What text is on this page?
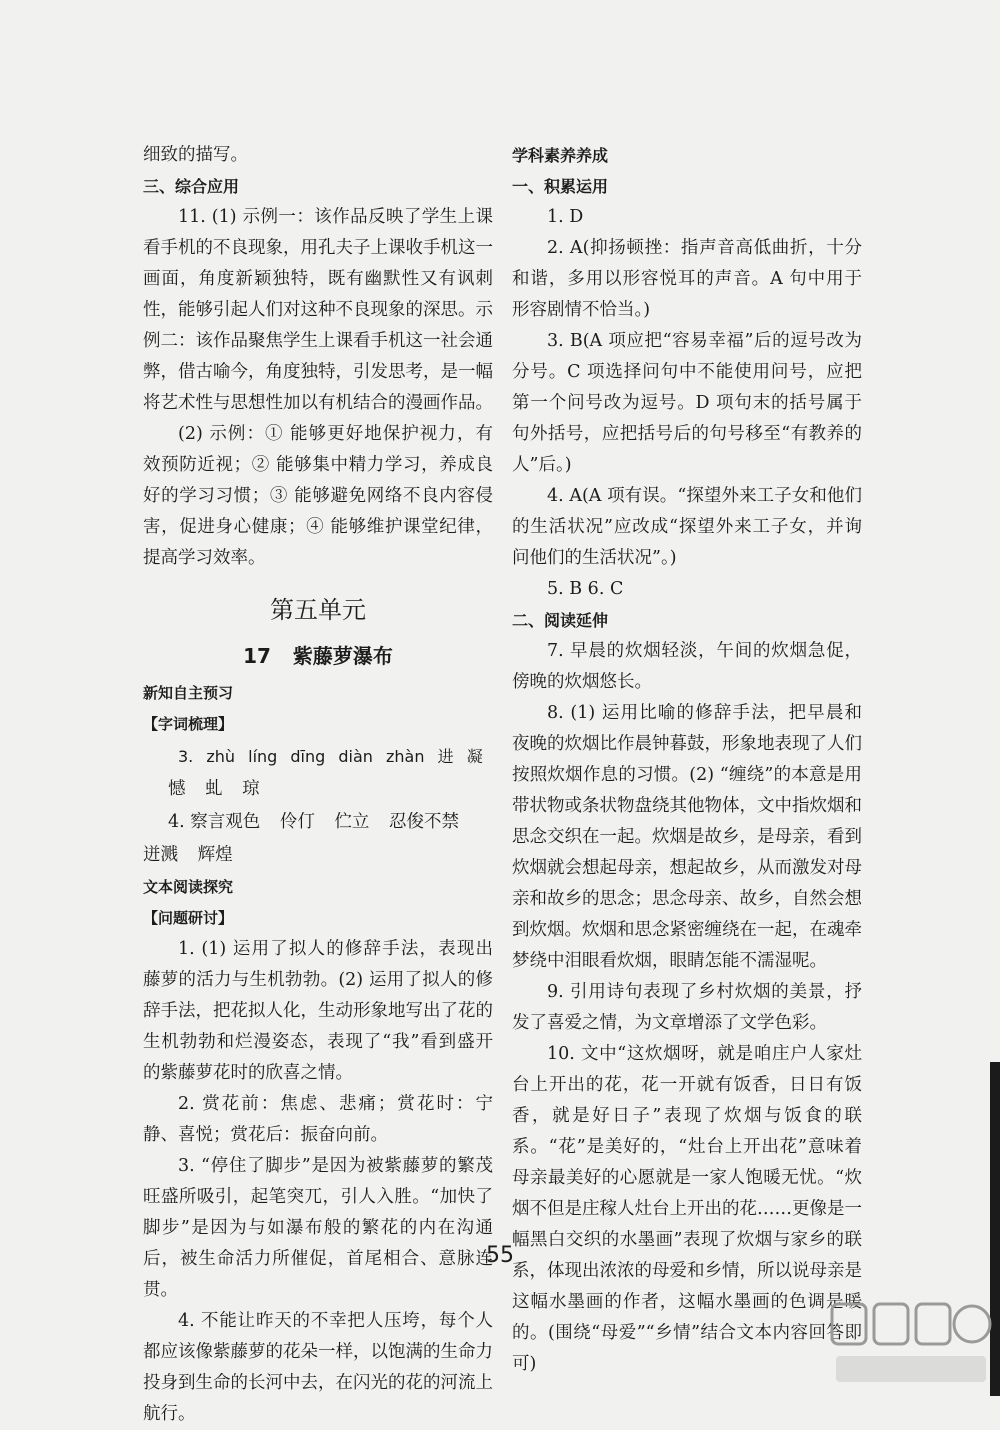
细致的描写。

三、综合应用

11. (1) 示例一：该作品反映了学生上课看手机的不良现象，用孔夫子上课收手机这一画面，角度新颖独特，既有幽默性又有讽刺性，能够引起人们对这种不良现象的深思。示例二：该作品聚焦学生上课看手机这一社会通弊，借古喻今，角度独特，引发思考，是一幅将艺术性与思想性加以有机结合的漫画作品。

(2) 示例：① 能够更好地保护视力，有效预防近视；② 能够集中精力学习，养成良好的学习习惯；③ 能够避免网络不良内容侵害，促进身心健康；④ 能够维护课堂纪律，提高学习效率。

第五单元
17 紫藤萝瀑布

新知自主预习

【字词梳理】

3. zhù líng dīng diàn zhàn 进 凝

憾 虬 琼

4. 察言观色 伶仃 伫立 忍俊不禁

迸溅 辉煌

文本阅读探究

【问题研讨】

1. (1) 运用了拟人的修辞手法，表现出藤萝的活力与生机勃勃。(2) 运用了拟人的修辞手法，把花拟人化，生动形象地写出了花的生机勃勃和烂漫姿态，表现了“我”看到盛开的紫藤萝花时的欣喜之情。

2. 赏花前：焦虑、悲痛；赏花时：宁静、喜悦；赏花后：振奋向前。

3. “停住了脚步”是因为被紫藤萝的繁茂旺盛所吸引，起笔突兀，引人入胜。“加快了脚步”是因为与如瀑布般的繁花的内在沟通后，被生命活力所催促，首尾相合、意脉连贯。

4. 不能让昨天的不幸把人压垮，每个人都应该像紫藤萝的花朵一样，以饱满的生命力投身到生命的长河中去，在闪光的花的河流上航行。

学科素养养成

一、积累运用

1. D

2. A(抑扬顿挫：指声音高低曲折，十分和谐，多用以形容悦耳的声音。A 句中用于形容剧情不恰当。)

3. B(A 项应把“容易幸福”后的逗号改为分号。C 项选择问句中不能使用问号，应把第一个问号改为逗号。D 项句末的括号属于句外括号，应把括号后的句号移至“有教养的人”后。)

4. A(A 项有误。“探望外来工子女和他们的生活状况”应改成“探望外来工子女，并询问他们的生活状况”。)

5. B 6. C

二、阅读延伸

7. 早晨的炊烟轻淡，午间的炊烟急促，傍晚的炊烟悠长。

8. (1) 运用比喻的修辞手法，把早晨和夜晚的炊烟比作晨钟暮鼓，形象地表现了人们按照炊烟作息的习惯。(2) “缠绕”的本意是用带状物或条状物盘绕其他物体，文中指炊烟和思念交织在一起。炊烟是故乡，是母亲，看到炊烟就会想起母亲，想起故乡，从而激发对母亲和故乡的思念；思念母亲、故乡，自然会想到炊烟。炊烟和思念紧密缠绕在一起，在魂牵梦绕中泪眼看炊烟，眼睛怎能不濡湿呢。

9. 引用诗句表现了乡村炊烟的美景，抒发了喜爱之情，为文章增添了文学色彩。

10. 文中“这炊烟呀，就是咱庄户人家灶台上开出的花，花一开就有饭香，日日有饭香，就是好日子”表现了炊烟与饭食的联系。“花”是美好的，“灶台上开出花”意味着母亲最美好的心愿就是一家人饱暖无忧。“炊烟不但是庄稼人灶台上开出的花……更像是一幅黑白交织的水墨画”表现了炊烟与家乡的联系，体现出浓浓的母爱和乡情，所以说母亲是这幅水墨画的作者，这幅水墨画的色调是暖的。(围绕“母爱”“乡情”结合文本内容回答即可)

55
